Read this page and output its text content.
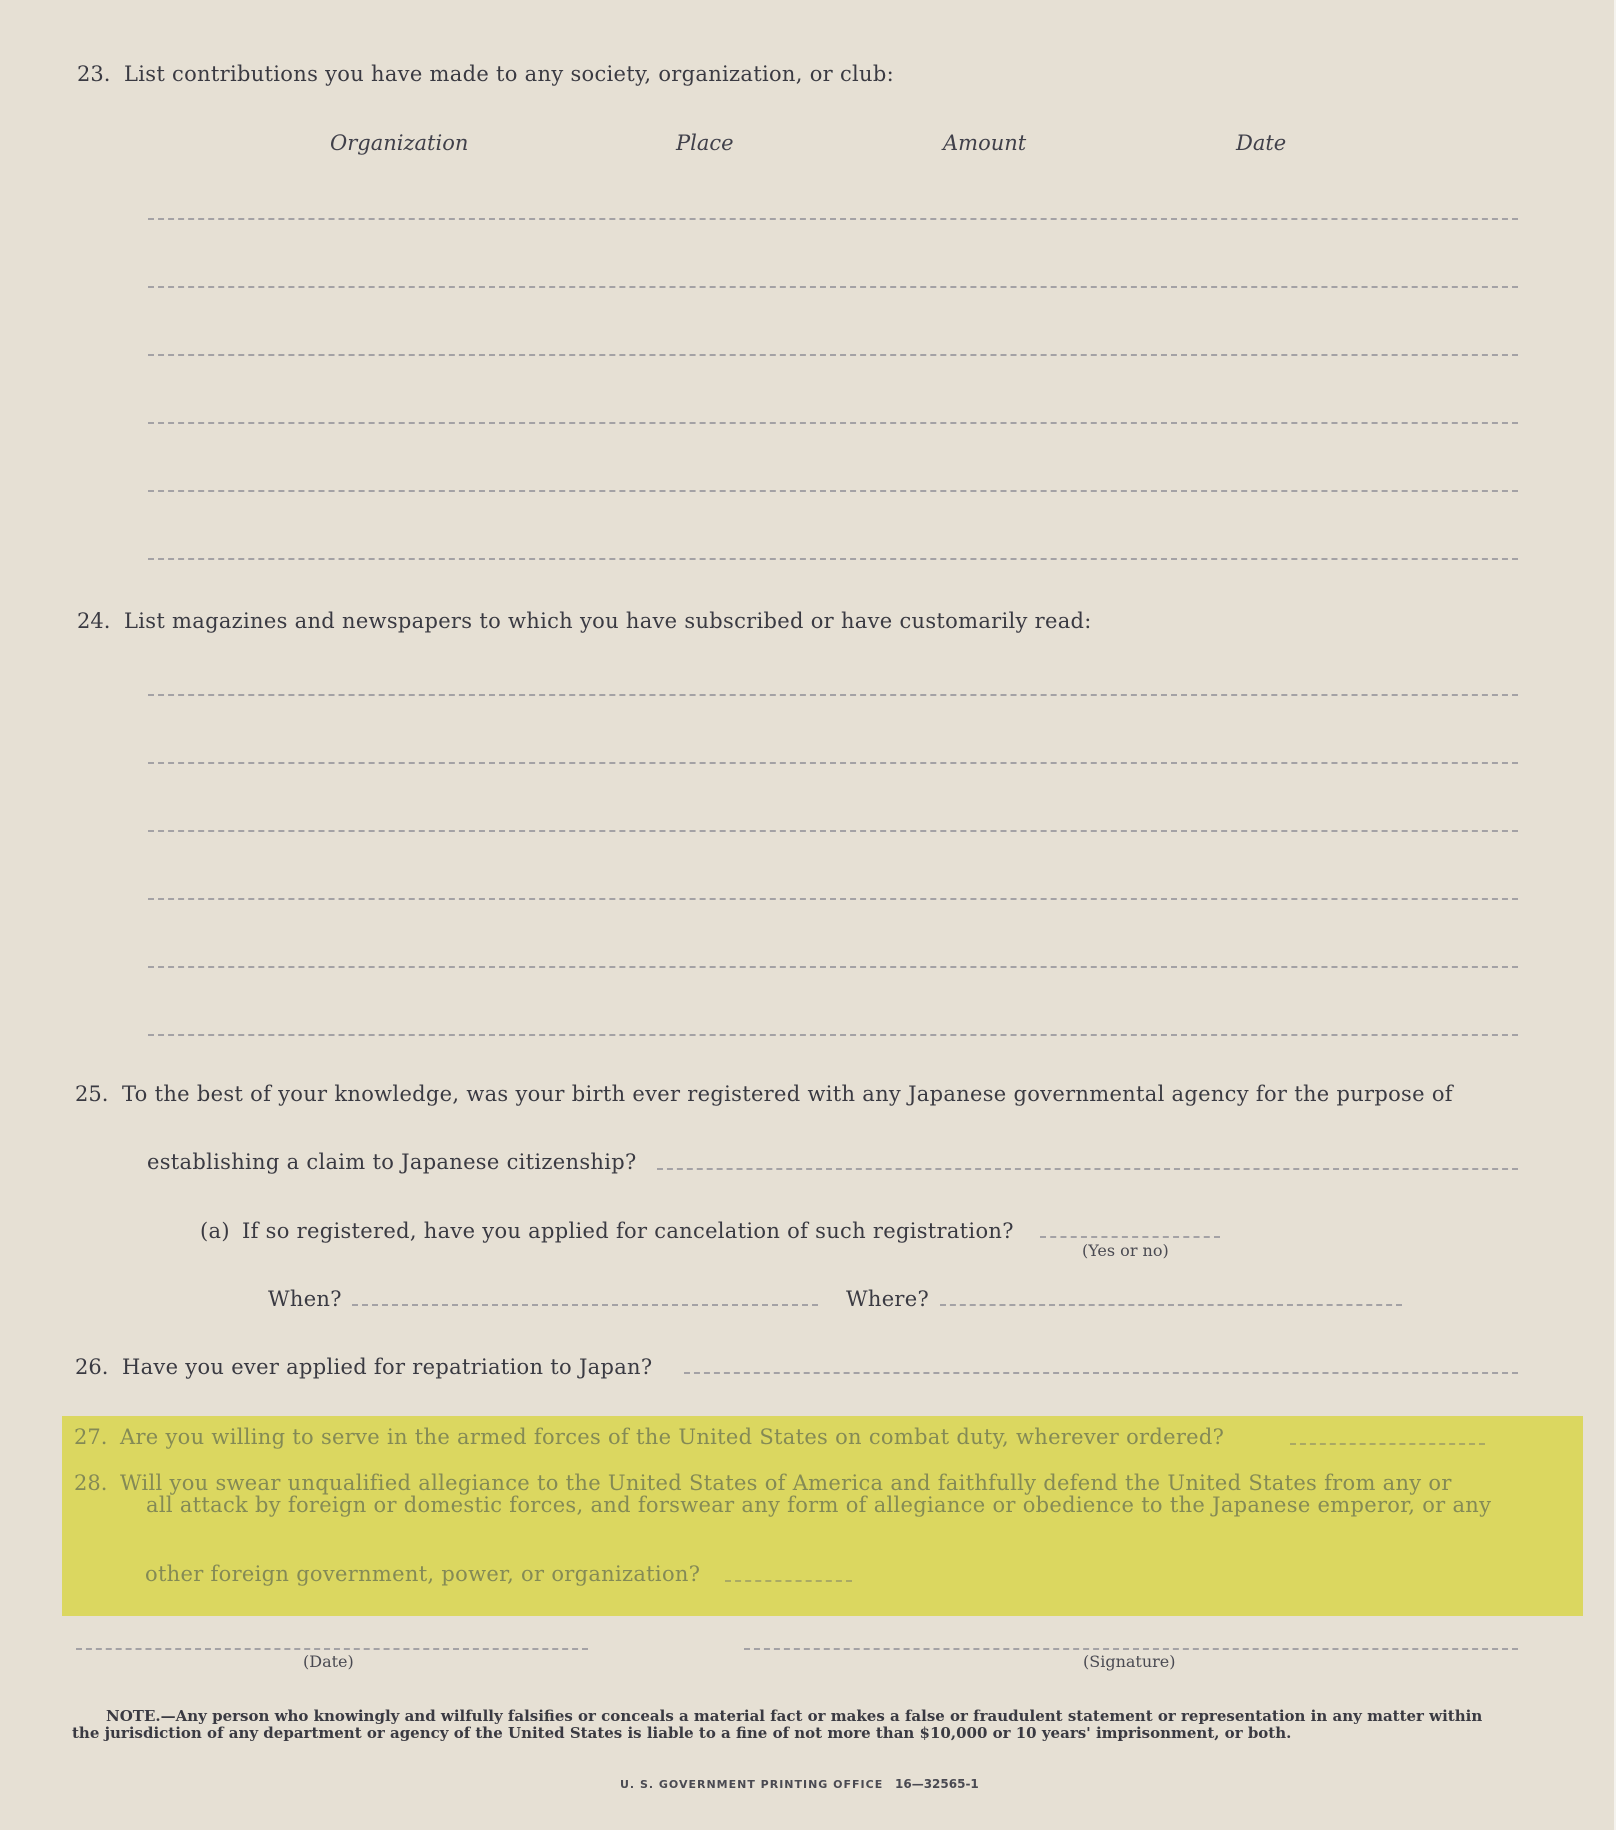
23. List contributions you have made to any society, organization, or club:
Organization	Place	Amount	Date
24. List magazines and newspapers to which you have subscribed or have customarily read:
25. To the best of your knowledge, was your birth ever registered with any Japanese governmental agency for the purpose of
establishing a claim to Japanese citizenship?
(a) If so registered, have you applied for cancelation of such registration?
(Yes or no)
When?	Where?
26. Have you ever applied for repatriation to Japan?
27. Are you willing to serve in the armed forces of the United States on combat duty, wherever ordered?
28. Will you swear unqualified allegiance to the United States of America and faithfully defend the United States from any or
all attack by foreign or domestic forces, and forswear any form of allegiance or obedience to the Japanese emperor, or any
other foreign government, power, or organization?
(Date)	(Signature)
NOTE.—Any person who knowingly and wilfully falsifies or conceals a material fact or makes a false or fraudulent statement or representation in any matter within
the jurisdiction of any department or agency of the United States is liable to a fine of not more than $10,000 or 10 years' imprisonment, or both.
U. S. GOVERNMENT PRINTING OFFICE 16—32565-1
